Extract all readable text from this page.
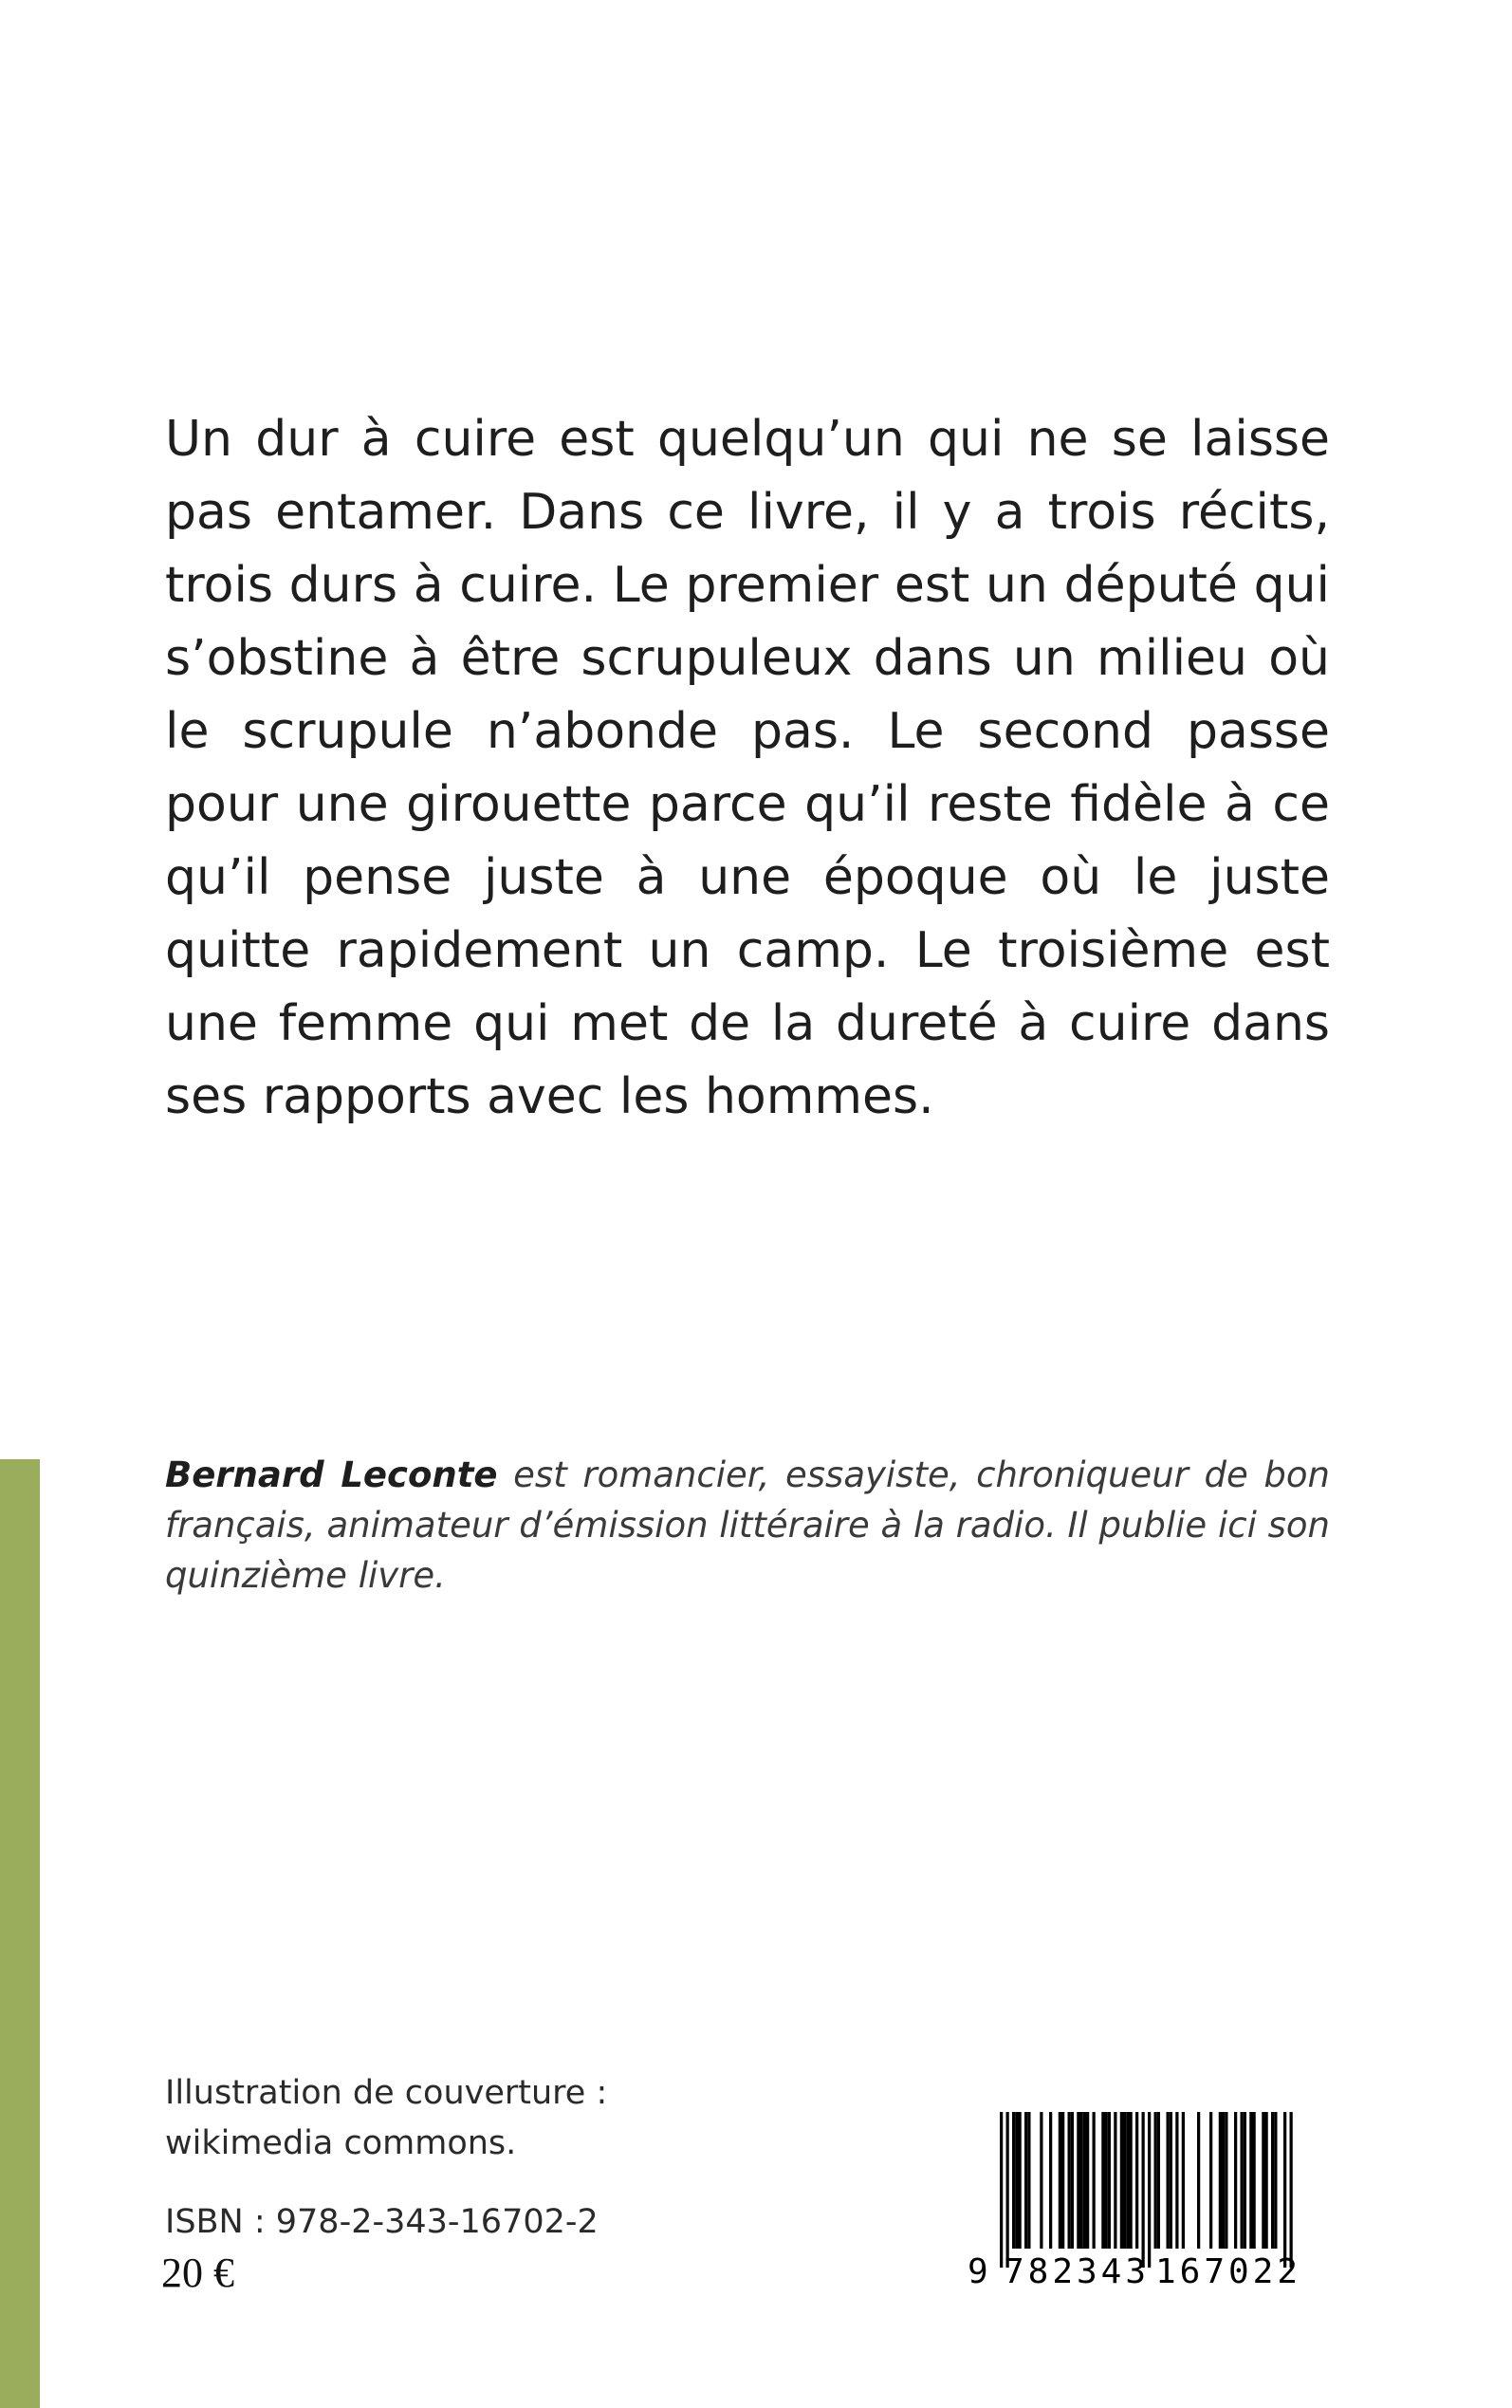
Un dur à cuire est quelqu’un qui ne se laisse pas entamer. Dans ce livre, il y a trois récits, trois durs à cuire. Le premier est un député qui s’obstine à être scrupuleux dans un milieu où le scrupule n’abonde pas. Le second passe pour une girouette parce qu’il reste fidèle à ce qu’il pense juste à une époque où le juste quitte rapidement un camp. Le troisième est une femme qui met de la dureté à cuire dans ses rapports avec les hommes.

Bernard Leconte est romancier, essayiste, chroniqueur de bon français, animateur d’émission littéraire à la radio. Il publie ici son quinzième livre.

Illustration de couverture :
wikimedia commons.
ISBN : 978-2-343-16702-2
20 €	9 782343 167022
